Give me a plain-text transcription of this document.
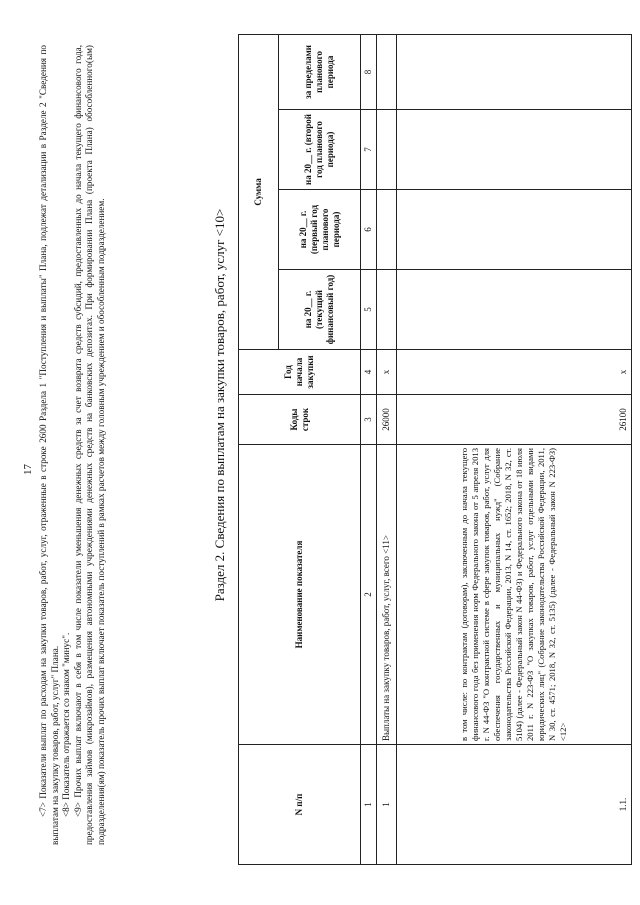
17 <7> Показатели выплат по расходам на закупки товаров, работ, услуг, отраженные в строке 2600 Раздела 1 "Поступления и выплаты" Плана, подлежат детализации в Разделе 2 "Сведения по выплатам на закупку товаров, работ, услуг" Плана. <8> Показатель отражается со знаком "минус". <9> Прочих выплат включают в себя в том числе показатели уменьшения денежных средств за счет возврата средств субсидий, предоставленных до начала текущего финансового года, предоставления займов (микрозаймов), размещения автономными учреждениями денежных средств на банковских депозитах. При формировании Плана (проекта Плана) обособленного(ым) подразделения(ям) показатель прочих выплат включает показатель поступлений в рамках расчетов между головным учреждением и обособленным подразделением.	Раздел 2. Сведения по выплатам на закупки товаров, работ, услуг <10>
N п/п	Наименование показателя	Коды строк	Год начала закупки	Сумма			
				на 20__ г. (текущий финансовый год)	на 20__ г. (первый год планового периода)	на 20__ г. (второй год планового периода)	за пределами планового периода
1	2	3	4	5	6	7	8
1	Выплаты на закупку товаров, работ, услуг, всего <11>	26000	x				
1.1.	в том числе: по контрактам (договорам), заключенным до начала текущего финансового года без применения норм Федерального закона от 5 апреля 2013 г. N 44-ФЗ "О контрактной системе в сфере закупок товаров, работ, услуг для обеспечения государственных и муниципальных нужд" (Собрание законодательства Российской Федерации, 2013, N 14, ст. 1652; 2018, N 32, ст. 5104) (далее - Федеральный закон N 44-ФЗ) и Федерального закона от 18 июля 2011 г. N 223-ФЗ "О закупках товаров, работ, услуг отдельными видами юридических лиц" (Собрание законодательства Российской Федерации, 2011, N 30, ст. 4571; 2018, N 32, ст. 5135) (далее - Федеральный закон N 223-ФЗ) <12>	26100	x				
